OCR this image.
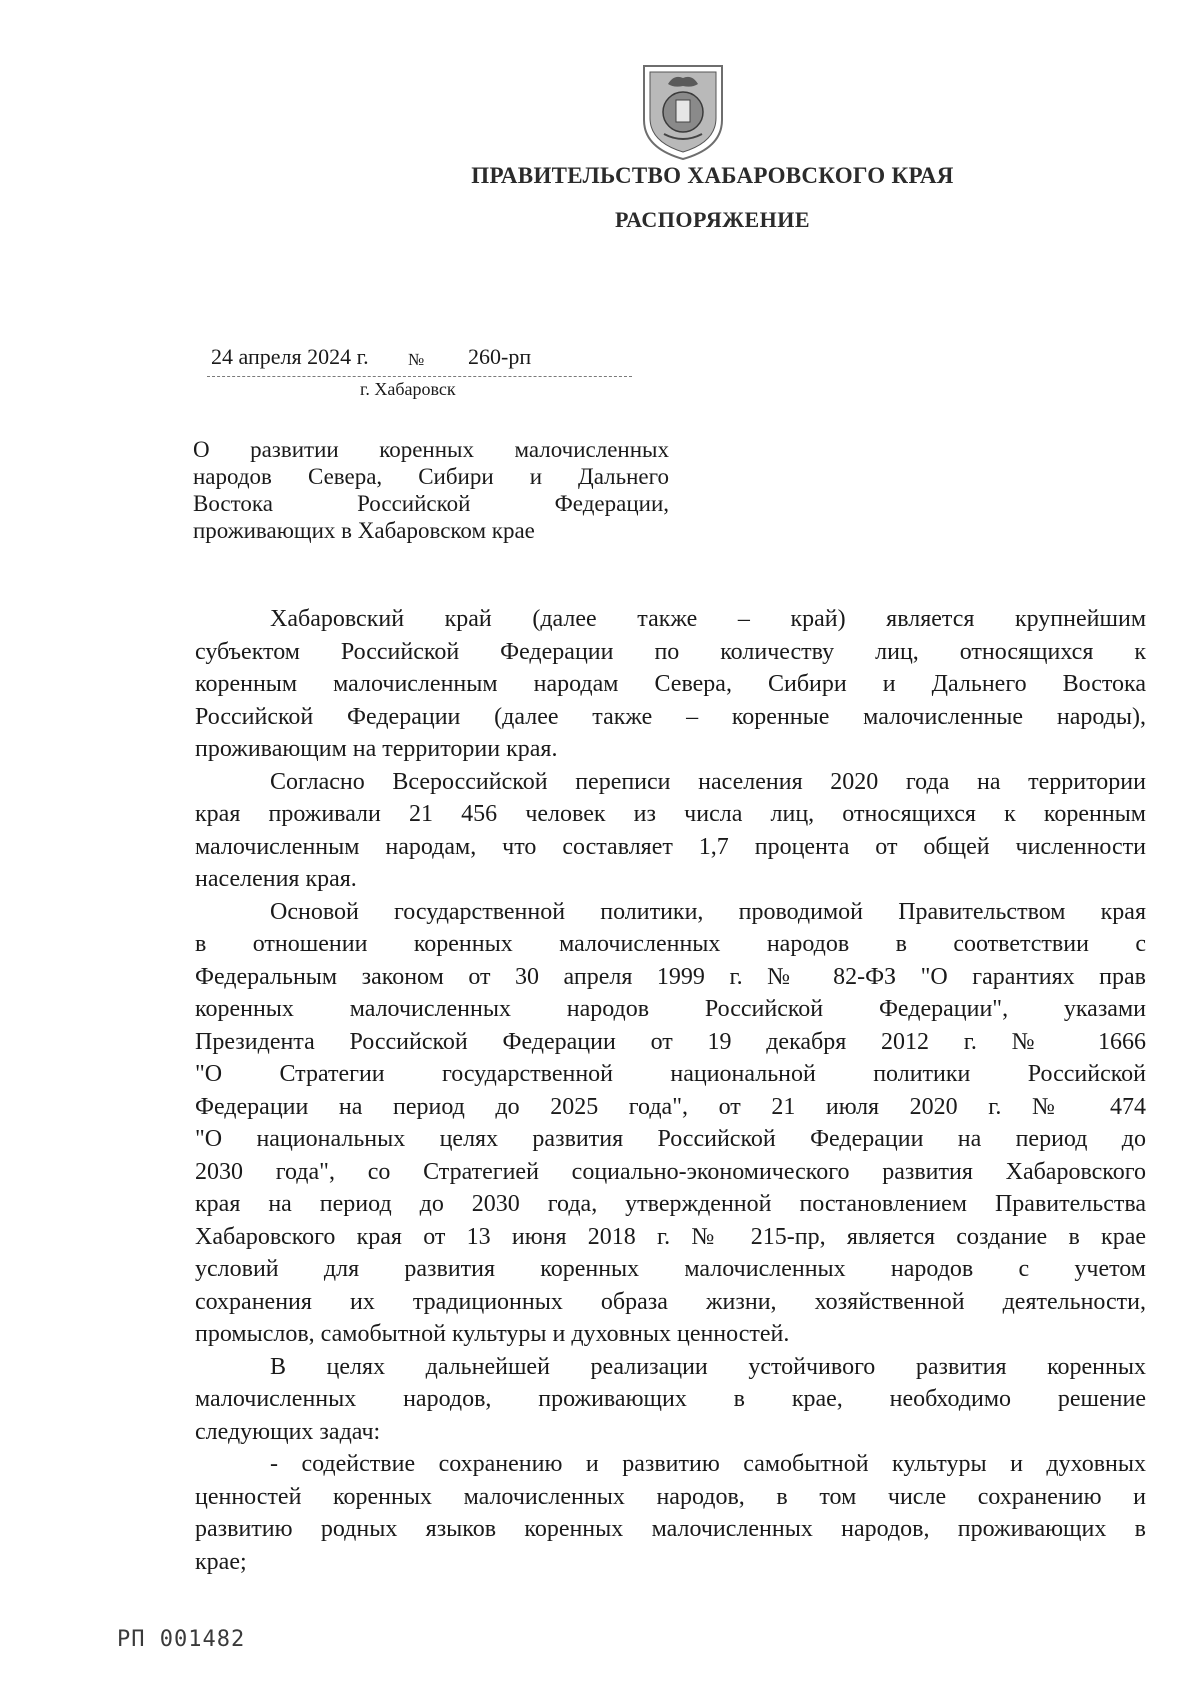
ПРАВИТЕЛЬСТВО ХАБАРОВСКОГО КРАЯ
РАСПОРЯЖЕНИЕ
24 апреля 2024 г. № 260-рп
г. Хабаровск
О развитии коренных малочисленных
народов Севера, Сибири и Дальнего
Востока Российской Федерации,
проживающих в Хабаровском крае
Хабаровский край (далее также – край) является крупнейшим
субъектом Российской Федерации по количеству лиц, относящихся к
коренным малочисленным народам Севера, Сибири и Дальнего Востока
Российской Федерации (далее также – коренные малочисленные народы),
проживающим на территории края.
Согласно Всероссийской переписи населения 2020 года на территории
края проживали 21 456 человек из числа лиц, относящихся к коренным
малочисленным народам, что составляет 1,7 процента от общей численности
населения края.
Основой государственной политики, проводимой Правительством края
в отношении коренных малочисленных народов в соответствии с
Федеральным законом от 30 апреля 1999 г. № 82-ФЗ "О гарантиях прав
коренных малочисленных народов Российской Федерации", указами
Президента Российской Федерации от 19 декабря 2012 г. № 1666
"О Стратегии государственной национальной политики Российской
Федерации на период до 2025 года", от 21 июля 2020 г. № 474
"О национальных целях развития Российской Федерации на период до
2030 года", со Стратегией социально-экономического развития Хабаровского
края на период до 2030 года, утвержденной постановлением Правительства
Хабаровского края от 13 июня 2018 г. № 215-пр, является создание в крае
условий для развития коренных малочисленных народов с учетом
сохранения их традиционных образа жизни, хозяйственной деятельности,
промыслов, самобытной культуры и духовных ценностей.
В целях дальнейшей реализации устойчивого развития коренных
малочисленных народов, проживающих в крае, необходимо решение
следующих задач:
- содействие сохранению и развитию самобытной культуры и духовных
ценностей коренных малочисленных народов, в том числе сохранению и
развитию родных языков коренных малочисленных народов, проживающих в
крае;
РП 001482
